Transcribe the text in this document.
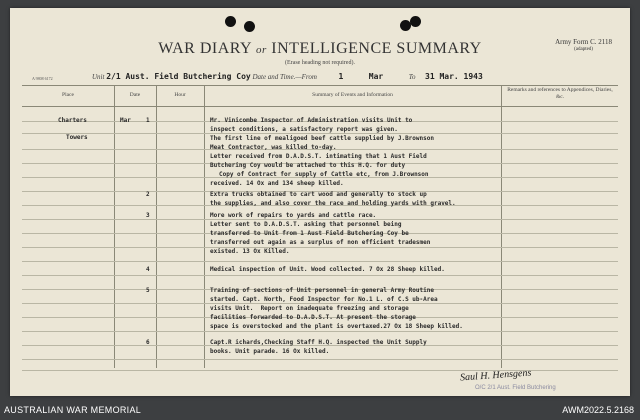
WAR DIARY or INTELLIGENCE SUMMARY
(Erase heading not required).
Army Form C. 2118
(adapted)
A 9808 6172	Unit 2/1 Aust. Field Butchering Coy Date and Time.—From	1	Mar	To 31 Mar. 1943
Place	Date	Hour	Summary of Events and Information
Remarks and references to Appendices, Diaries, &c.
Charters
Towers
Mar	1	Mr. Vinicombe Inspector of Administration visits Unit to
inspect conditions, a satisfactory report was given.
The first line of mealigoed beef cattle supplied by J.Brownson
Meat Contractor, was killed to-day.
Letter received from D.A.D.S.T. intimating that 1 Aust Field
Butchering Coy would be attached to this H.Q. for duty
Copy of Contract for supply of Cattle etc, from J.Brownson
received. 14 Ox and 134 sheep killed.
2	Extra trucks obtained to cart wood and generally to stock up
the supplies, and also cover the race and holding yards with gravel.
3	More work of repairs to yards and cattle race.
Letter sent to D.A.D.S.T. asking that personnel being
transferred to Unit from 1 Aust Field Butchering Coy be
transferred out again as a surplus of non efficient tradesmen
existed. 13 Ox Killed.
4	Medical inspection of Unit. Wood collected. 7 Ox 28 Sheep killed.
5	Training of sections of Unit personnel in general Army Routine
started. Capt. North, Food Inspector for No.1 L. of C.S ub-Area
visits Unit.  Report on inadequate freezing and storage
facilities forwarded to D.A.D.S.T. At present the storage
space is overstocked and the plant is overtaxed.27 Ox 18 Sheep killed.
6	Capt.R ichards,Checking Staff H.Q. inspected the Unit Supply
books. Unit parade. 16 Ox killed.
Saul H. Hensgens
O/C 2/1 Aust. Field Butchering
AUSTRALIAN WAR MEMORIAL	AWM2022.5.2168
